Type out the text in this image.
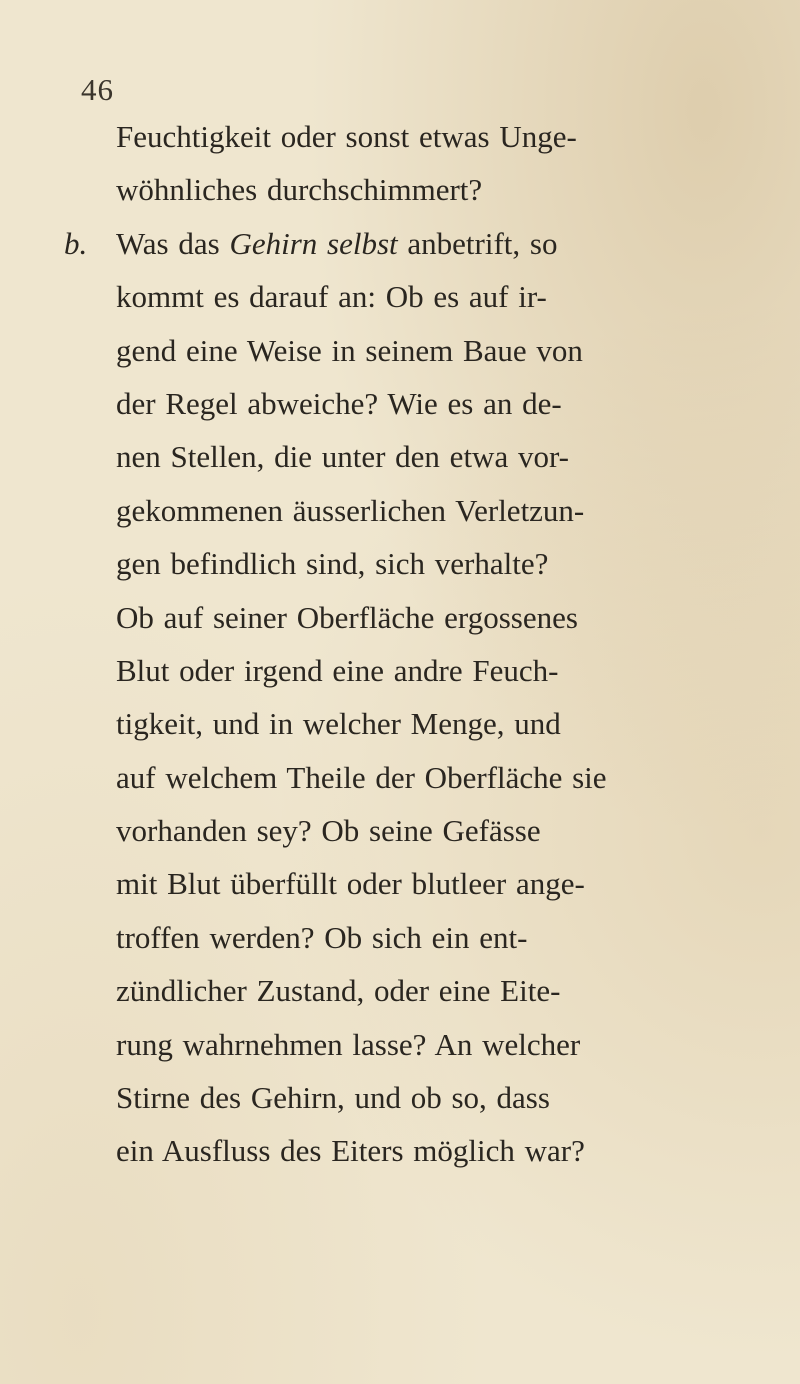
46
Feuchtigkeit oder sonst etwas Unge-
wöhnliches durchschimmert?
b. Was das Gehirn selbst anbetrift, so
kommt es darauf an: Ob es auf ir-
gend eine Weise in seinem Baue von
der Regel abweiche? Wie es an de-
nen Stellen, die unter den etwa vor-
gekommenen äusserlichen Verletzun-
gen befindlich sind, sich verhalte?
Ob auf seiner Oberfläche ergossenes
Blut oder irgend eine andre Feuch-
tigkeit, und in welcher Menge, und
auf welchem Theile der Oberfläche sie
vorhanden sey? Ob seine Gefässe
mit Blut überfüllt oder blutleer ange-
troffen werden? Ob sich ein ent-
zündlicher Zustand, oder eine Eite-
rung wahrnehmen lasse? An welcher
Stirne des Gehirn, und ob so, dass
ein Ausfluss des Eiters möglich war?
